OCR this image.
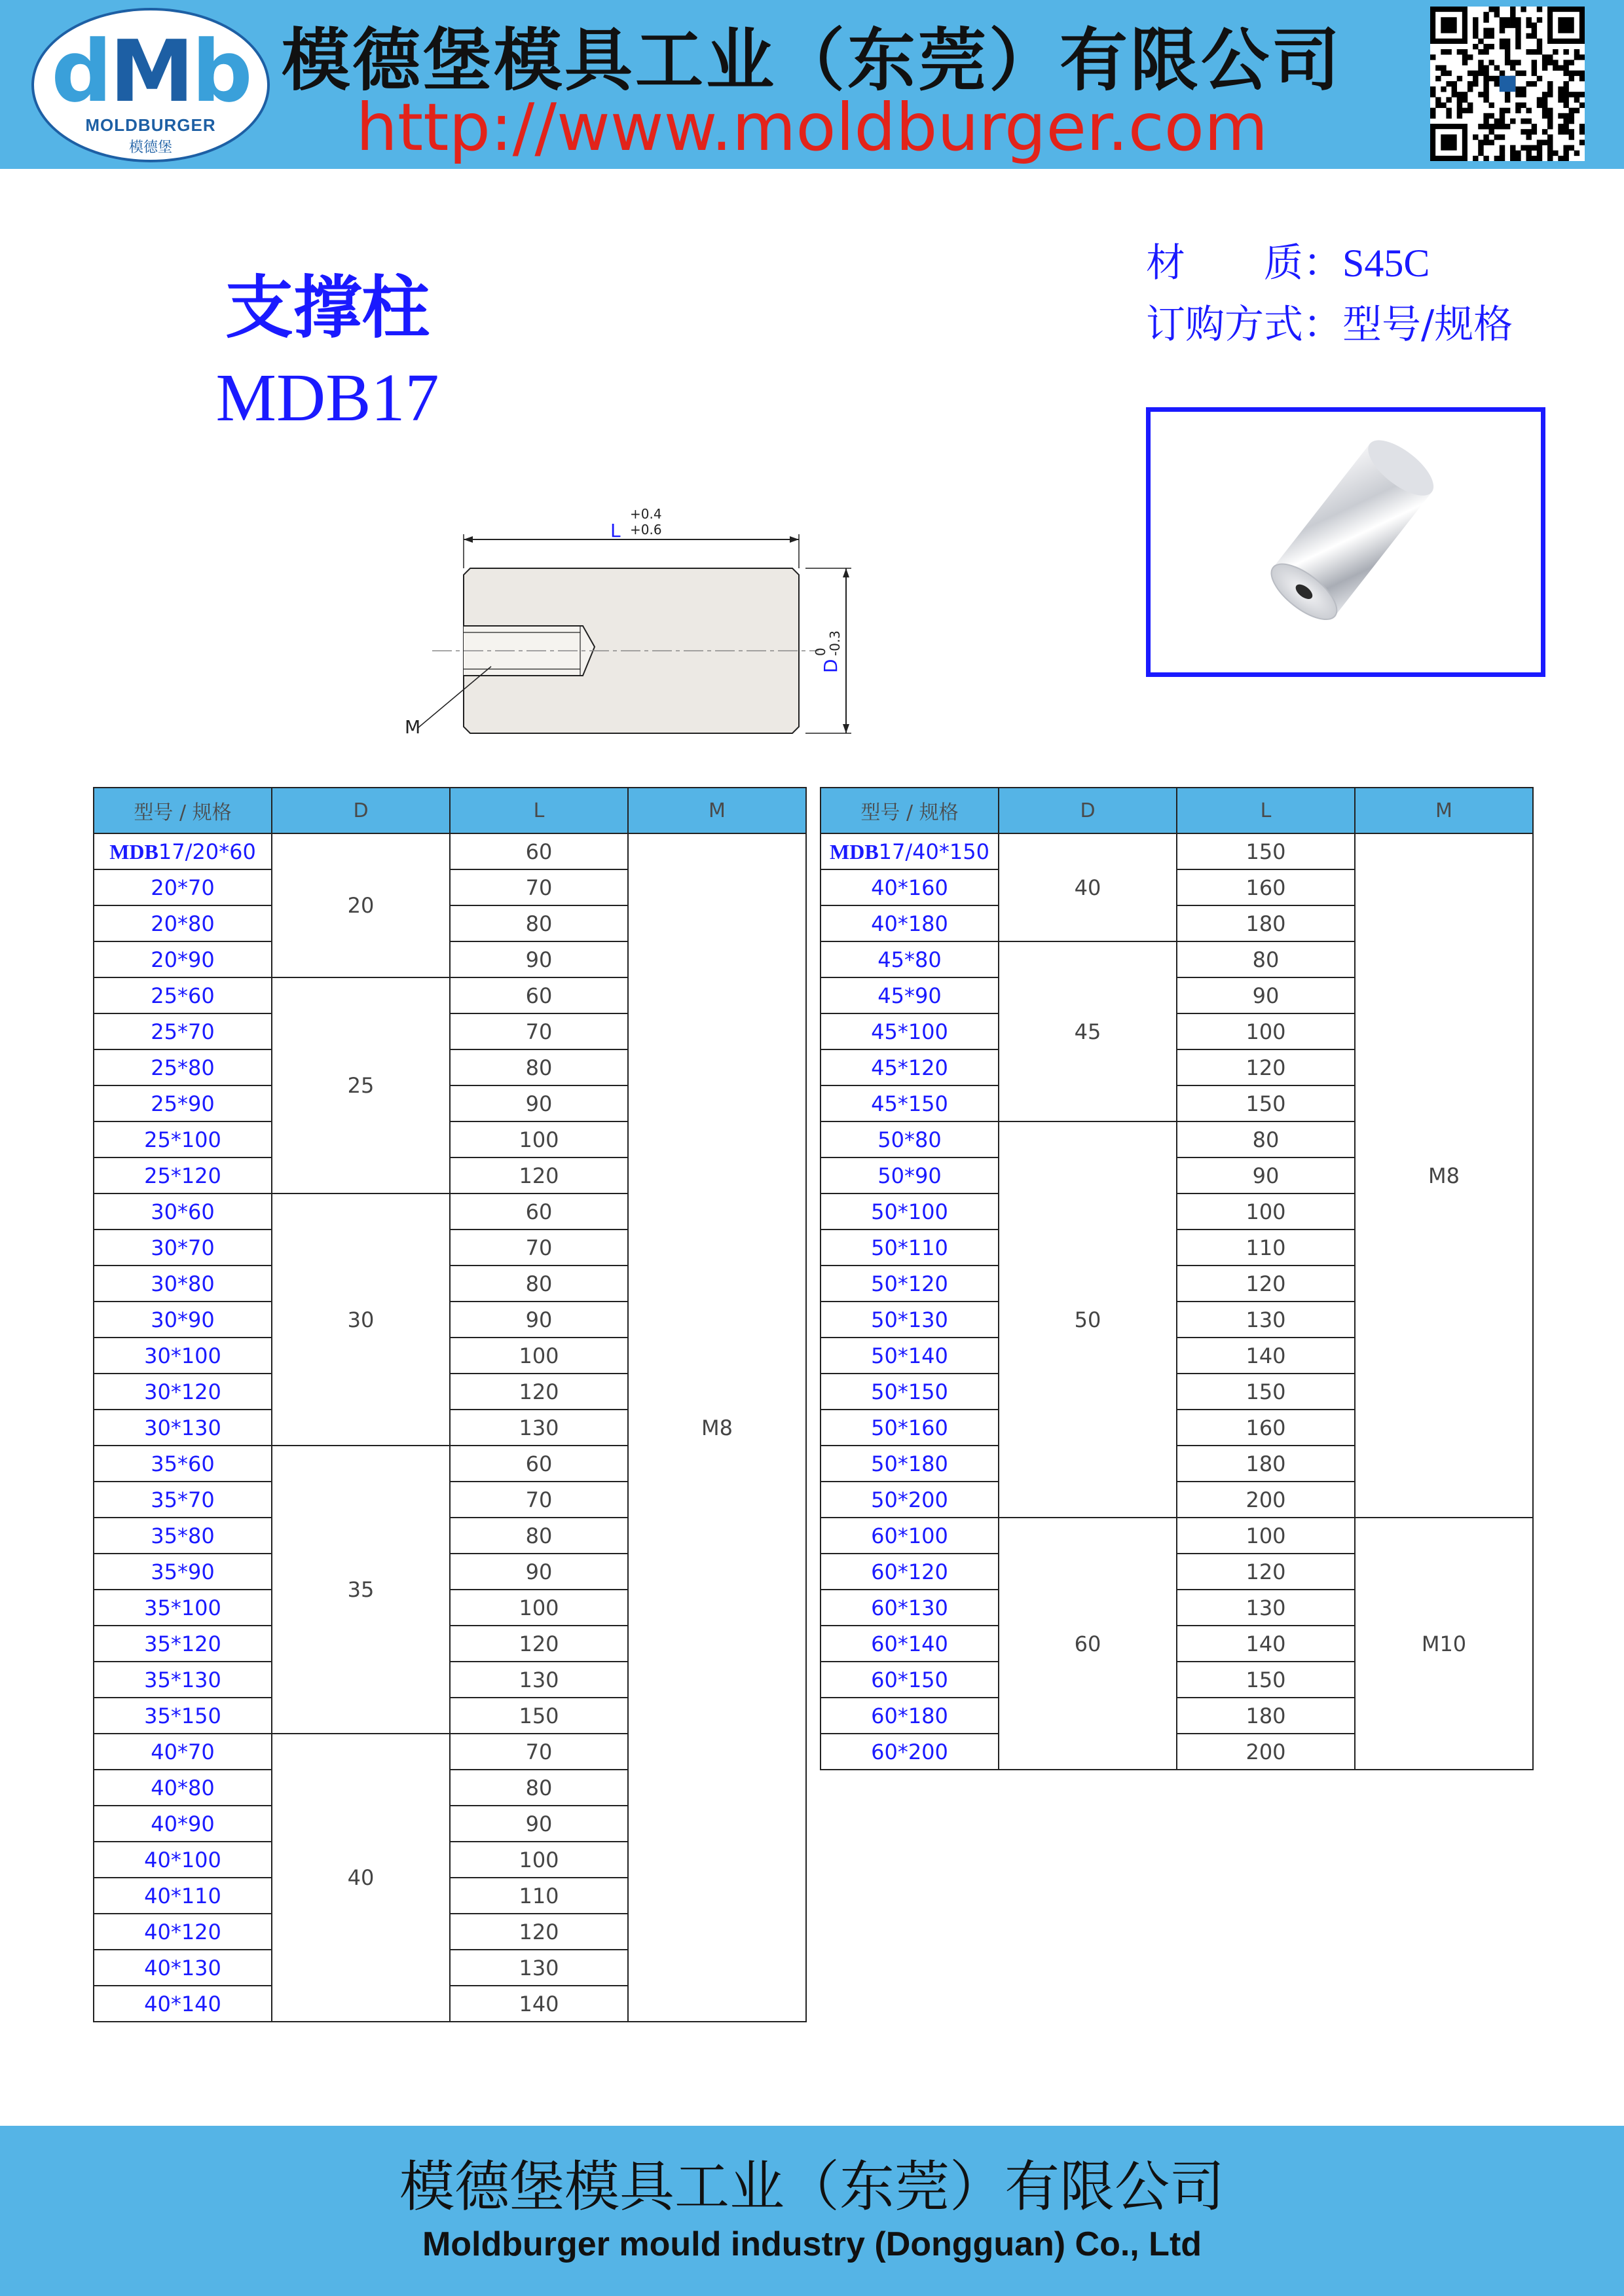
dMb
MOLDBURGER
模德堡
模德堡模具工业（东莞）有限公司
http://www.moldburger.com
支撑柱
MDB17
材　　质：S45C
订购方式：型号/规格
L
+0.4
+0.6
D
0
-0.3
M
型号 / 规格	D	L	M
MDB17/20*60	20	60	M8
20*70		70	
20*80		80	
20*90		90	
25*60	25	60	
25*70		70	
25*80		80	
25*90		90	
25*100		100	
25*120		120	
30*60	30	60	
30*70		70	
30*80		80	
30*90		90	
30*100		100	
30*120		120	
30*130		130	
35*60	35	60	
35*70		70	
35*80		80	
35*90		90	
35*100		100	
35*120		120	
35*130		130	
35*150		150	
40*70	40	70	
40*80		80	
40*90		90	
40*100		100	
40*110		110	
40*120		120	
40*130		130	
40*140		140	
型号 / 规格	D	L	M
MDB17/40*150	40	150	M8
40*160		160	
40*180		180	
45*80	45	80	
45*90		90	
45*100		100	
45*120		120	
45*150		150	
50*80	50	80	
50*90		90	
50*100		100	
50*110		110	
50*120		120	
50*130		130	
50*140		140	
50*150		150	
50*160		160	
50*180		180	
50*200		200	
60*100	60	100	M10
60*120		120	
60*130		130	
60*140		140	
60*150		150	
60*180		180	
60*200		200	
模德堡模具工业（东莞）有限公司
Moldburger mould industry (Dongguan) Co., Ltd
